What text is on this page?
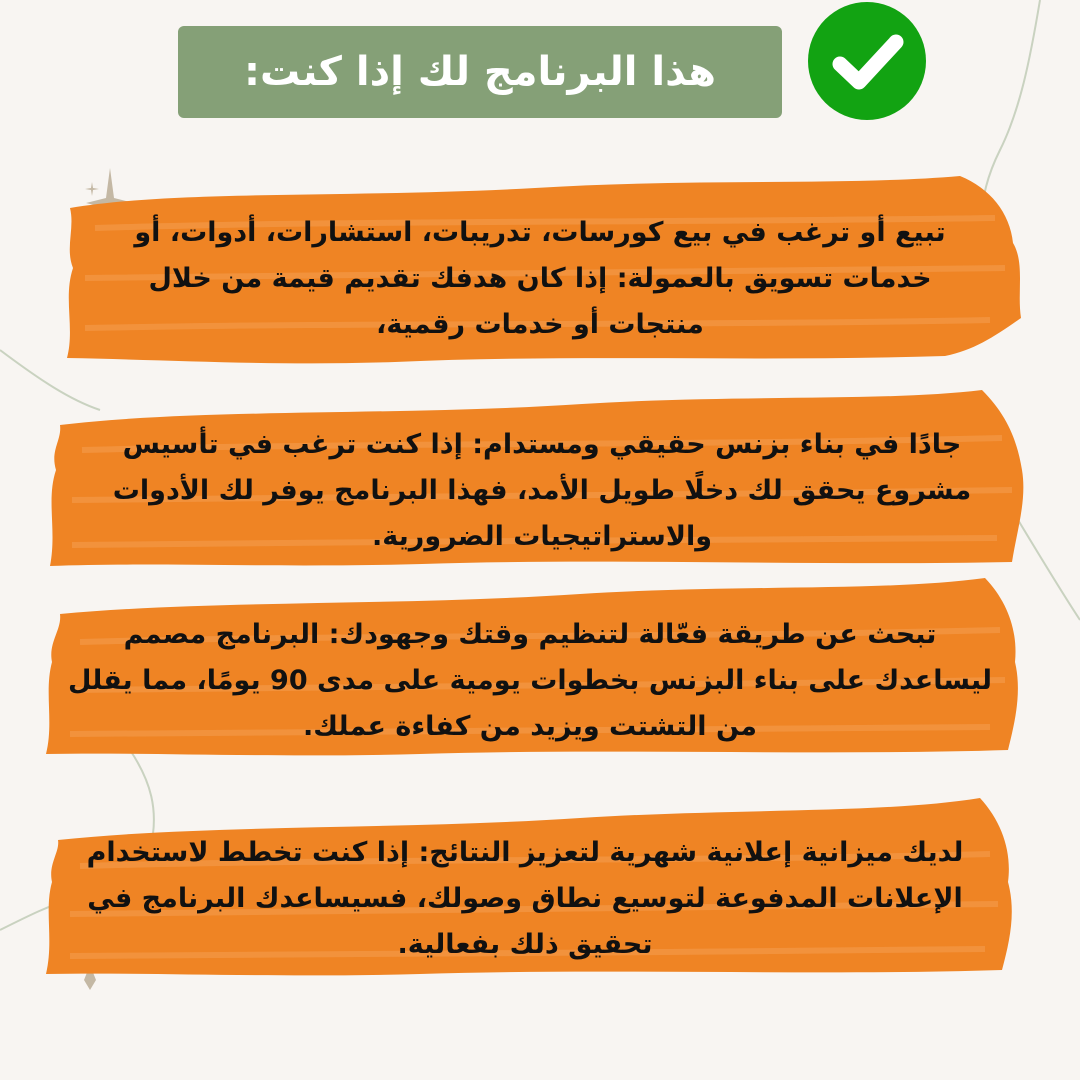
هذا البرنامج لك إذا كنت:
تبيع أو ترغب في بيع كورسات، تدريبات، استشارات، أدوات، أو
خدمات تسويق بالعمولة: إذا كان هدفك تقديم قيمة من خلال
منتجات أو خدمات رقمية،
جادًا في بناء بزنس حقيقي ومستدام: إذا كنت ترغب في تأسيس
مشروع يحقق لك دخلًا طويل الأمد، فهذا البرنامج يوفر لك الأدوات
والاستراتيجيات الضرورية.
تبحث عن طريقة فعّالة لتنظيم وقتك وجهودك: البرنامج مصمم
ليساعدك على بناء البزنس بخطوات يومية على مدى 90 يومًا، مما يقلل
من التشتت ويزيد من كفاءة عملك.
لديك ميزانية إعلانية شهرية لتعزيز النتائج: إذا كنت تخطط لاستخدام
الإعلانات المدفوعة لتوسيع نطاق وصولك، فسيساعدك البرنامج في
تحقيق ذلك بفعالية.
